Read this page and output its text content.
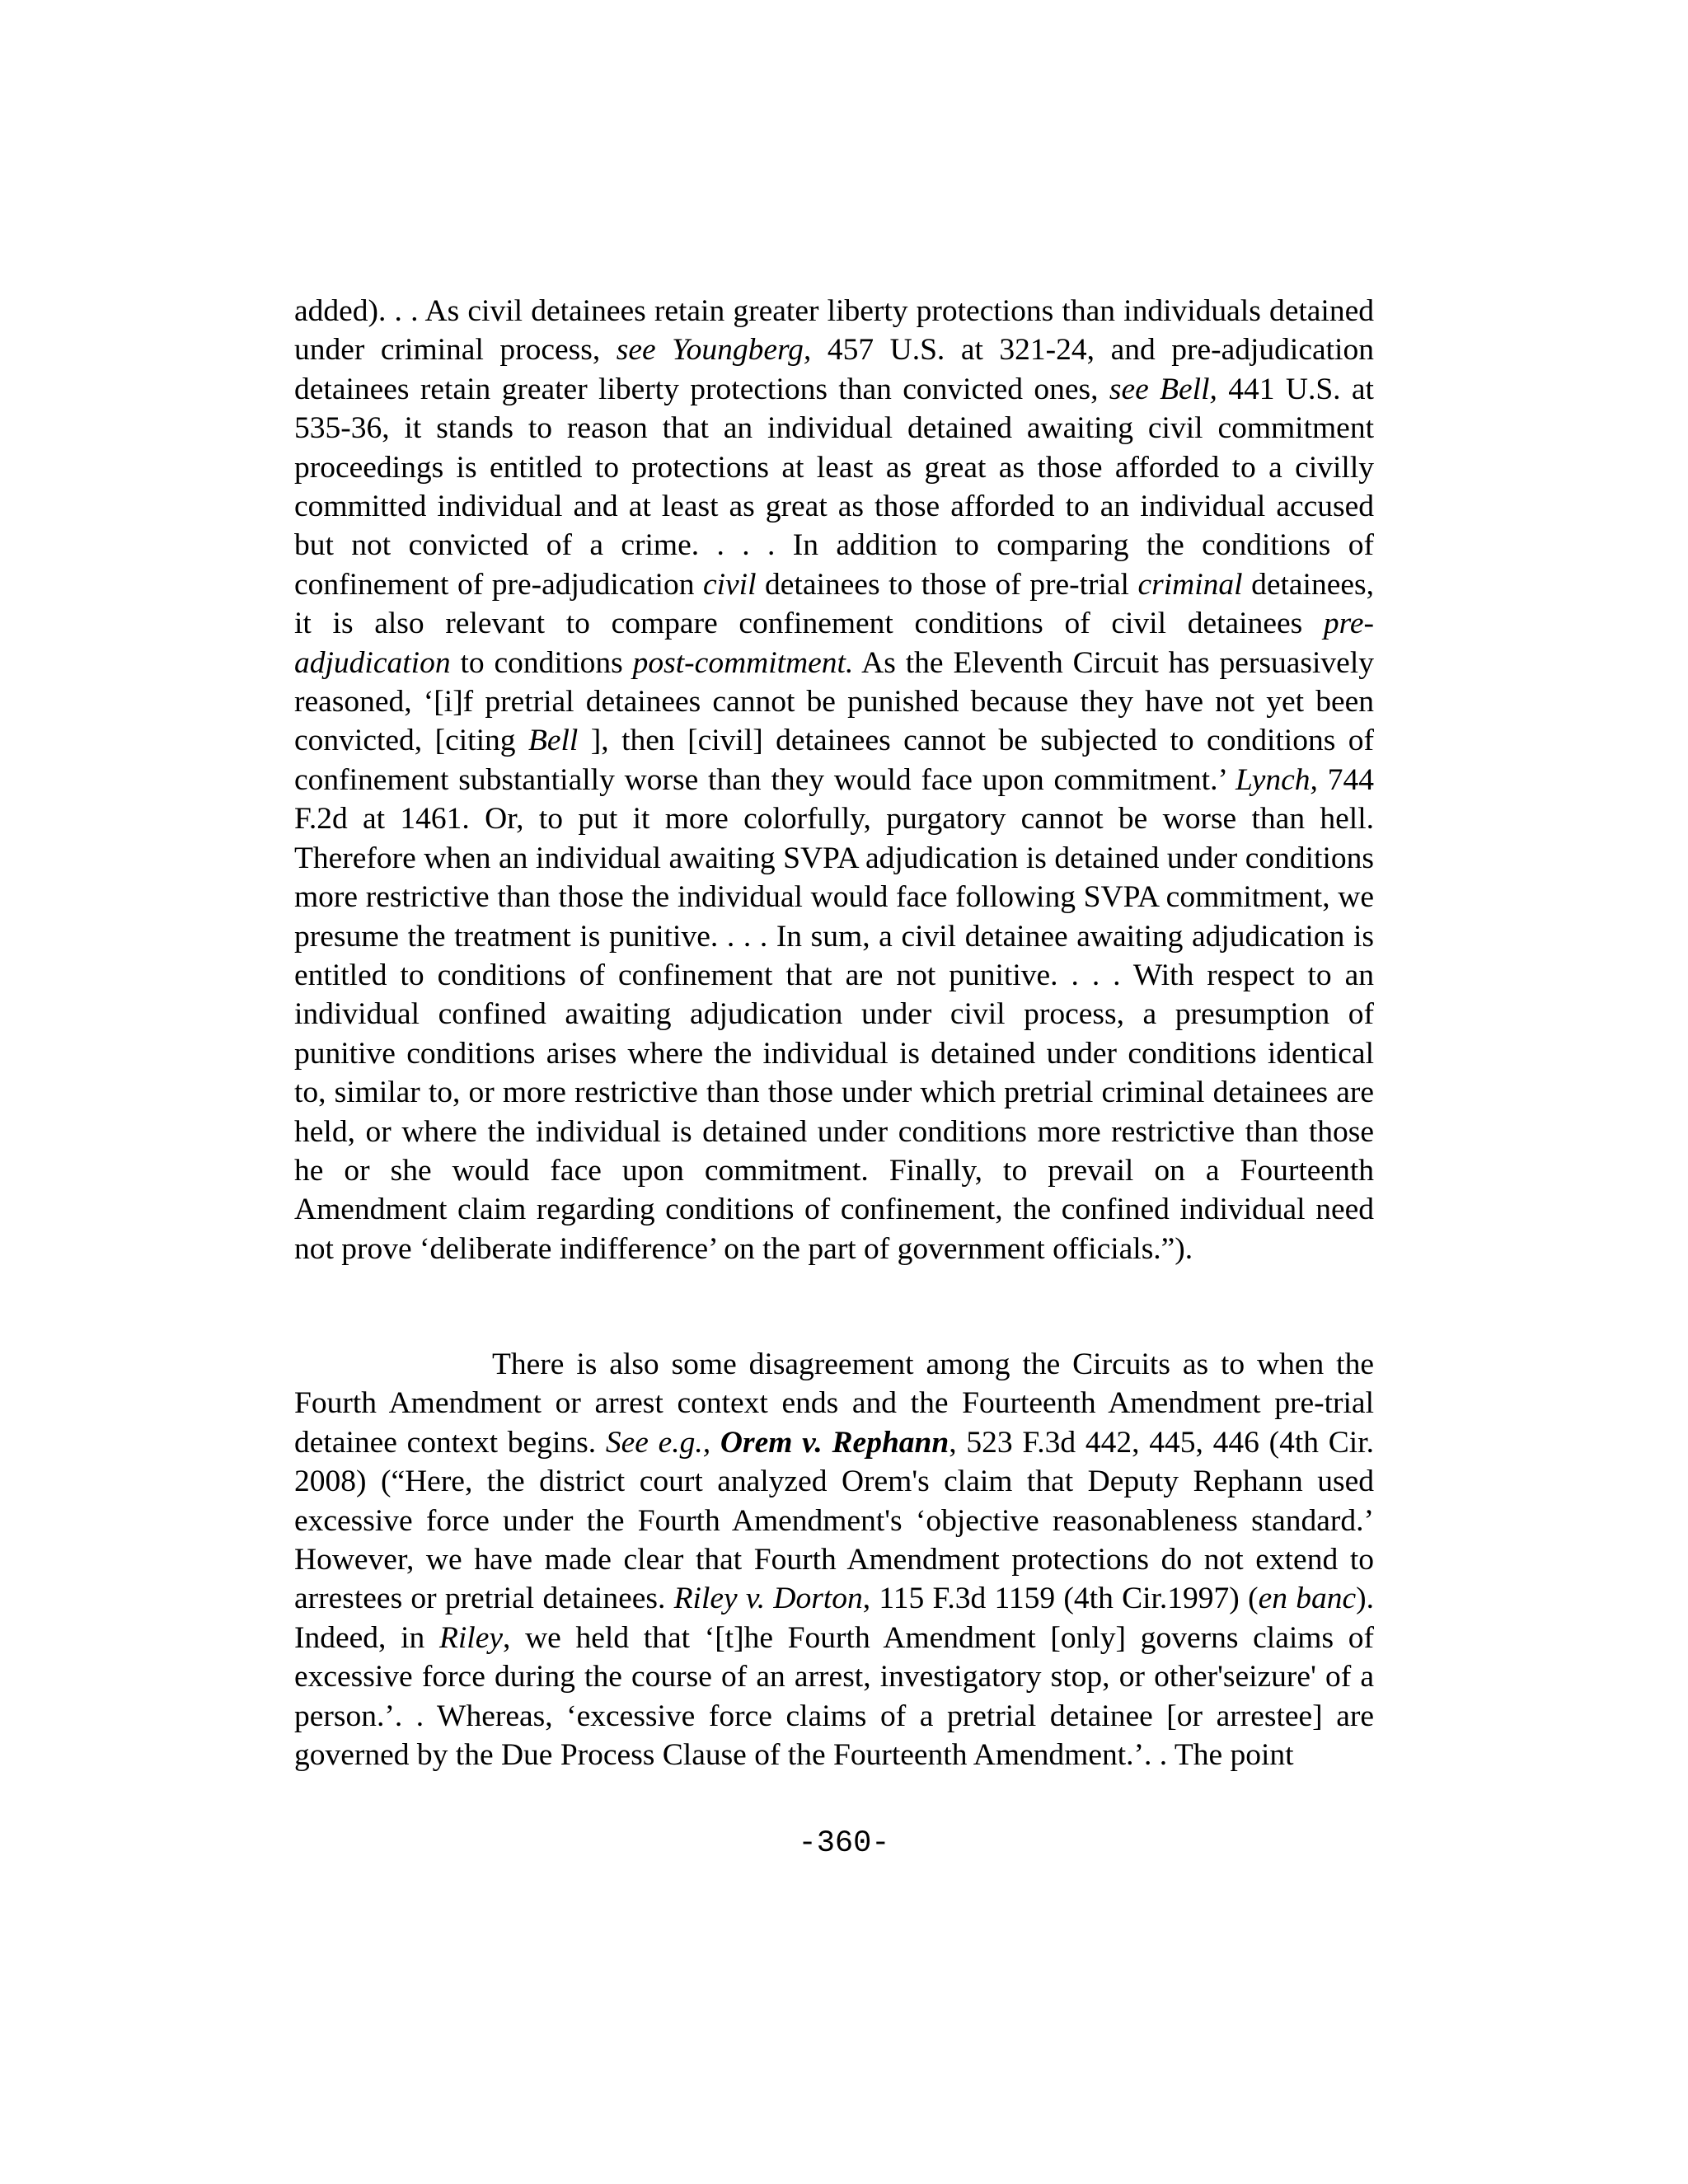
added). . . As civil detainees retain greater liberty protections than individuals detained under criminal process, see Youngberg, 457 U.S. at 321-24, and pre-adjudication detainees retain greater liberty protections than convicted ones, see Bell, 441 U.S. at 535-36, it stands to reason that an individual detained awaiting civil commitment proceedings is entitled to protections at least as great as those afforded to a civilly committed individual and at least as great as those afforded to an individual accused but not convicted of a crime. . . . In addition to comparing the conditions of confinement of pre-adjudication civil detainees to those of pre-trial criminal detainees, it is also relevant to compare confinement conditions of civil detainees pre-adjudication to conditions post-commitment. As the Eleventh Circuit has persuasively reasoned, ‘[i]f pretrial detainees cannot be punished because they have not yet been convicted, [citing Bell ], then [civil] detainees cannot be subjected to conditions of confinement substantially worse than they would face upon commitment.’ Lynch, 744 F.2d at 1461. Or, to put it more colorfully, purgatory cannot be worse than hell. Therefore when an individual awaiting SVPA adjudication is detained under conditions more restrictive than those the individual would face following SVPA commitment, we presume the treatment is punitive. . . . In sum, a civil detainee awaiting adjudication is entitled to conditions of confinement that are not punitive. . . . With respect to an individual confined awaiting adjudication under civil process, a presumption of punitive conditions arises where the individual is detained under conditions identical to, similar to, or more restrictive than those under which pretrial criminal detainees are held, or where the individual is detained under conditions more restrictive than those he or she would face upon commitment. Finally, to prevail on a Fourteenth Amendment claim regarding conditions of confinement, the confined individual need not prove ‘deliberate indifference’ on the part of government officials.”).

There is also some disagreement among the Circuits as to when the Fourth Amendment or arrest context ends and the Fourteenth Amendment pre-trial detainee context begins. See e.g., Orem v. Rephann, 523 F.3d 442, 445, 446 (4th Cir. 2008) (“Here, the district court analyzed Orem's claim that Deputy Rephann used excessive force under the Fourth Amendment's ‘objective reasonableness standard.’ However, we have made clear that Fourth Amendment protections do not extend to arrestees or pretrial detainees. Riley v. Dorton, 115 F.3d 1159 (4th Cir.1997) (en banc). Indeed, in Riley, we held that ‘[t]he Fourth Amendment [only] governs claims of excessive force during the course of an arrest, investigatory stop, or other'seizure' of a person.’. . Whereas, ‘excessive force claims of a pretrial detainee [or arrestee] are governed by the Due Process Clause of the Fourteenth Amendment.’. . The point

-360-
